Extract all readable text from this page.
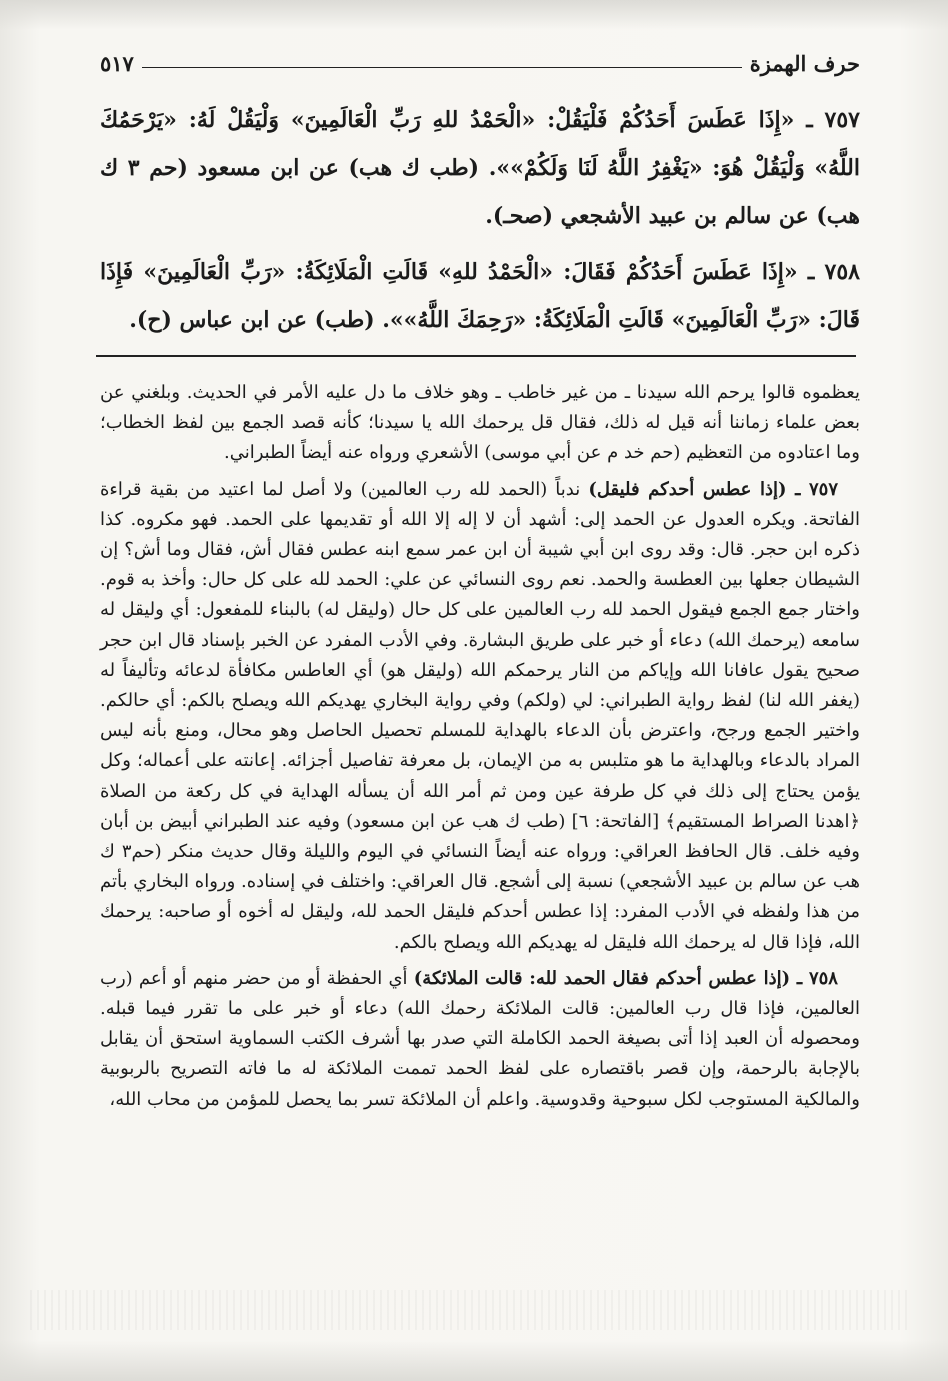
حرف الهمزة
٥١٧

٧٥٧ ـ «إِذَا عَطَسَ أَحَدُكُمْ فَلْيَقُلْ: «الْحَمْدُ للهِ رَبِّ الْعَالَمِينَ» وَلْيَقُلْ لَهُ: «يَرْحَمُكَ اللَّهُ» وَلْيَقُلْ هُوَ: «يَغْفِرُ اللَّهُ لَنَا وَلَكُمْ»». (طب ك هب) عن ابن مسعود (حم ٣ ك هب) عن سالم بن عبيد الأشجعي (صحـ).

٧٥٨ ـ «إِذَا عَطَسَ أَحَدُكُمْ فَقَالَ: «الْحَمْدُ للهِ» قَالَتِ الْمَلَائِكَةُ: «رَبِّ الْعَالَمِينَ» فَإِذَا قَالَ: «رَبِّ الْعَالَمِينَ» قَالَتِ الْمَلَائِكَةُ: «رَحِمَكَ اللَّهُ»». (طب) عن ابن عباس (ح).

يعظموه قالوا يرحم الله سيدنا ـ من غير خاطب ـ وهو خلاف ما دل عليه الأمر في الحديث. وبلغني عن بعض علماء زماننا أنه قيل له ذلك، فقال قل يرحمك الله يا سيدنا؛ كأنه قصد الجمع بين لفظ الخطاب؛ وما اعتادوه من التعظيم (حم خد م عن أبي موسى) الأشعري ورواه عنه أيضاً الطبراني.

٧٥٧ ـ (إذا عطس أحدكم فليقل) ندباً (الحمد لله رب العالمين) ولا أصل لما اعتيد من بقية قراءة الفاتحة. ويكره العدول عن الحمد إلى: أشهد أن لا إله إلا الله أو تقديمها على الحمد. فهو مكروه. كذا ذكره ابن حجر. قال: وقد روى ابن أبي شيبة أن ابن عمر سمع ابنه عطس فقال أش، فقال وما أش؟ إن الشيطان جعلها بين العطسة والحمد. نعم روى النسائي عن علي: الحمد لله على كل حال: وأخذ به قوم. واختار جمع الجمع فيقول الحمد لله رب العالمين على كل حال (وليقل له) بالبناء للمفعول: أي وليقل له سامعه (يرحمك الله) دعاء أو خبر على طريق البشارة. وفي الأدب المفرد عن الخبر بإسناد قال ابن حجر صحيح يقول عافانا الله وإياكم من النار يرحمكم الله (وليقل هو) أي العاطس مكافأة لدعائه وتأليفاً له (يغفر الله لنا) لفظ رواية الطبراني: لي (ولكم) وفي رواية البخاري يهديكم الله ويصلح بالكم: أي حالكم. واختير الجمع ورجح، واعترض بأن الدعاء بالهداية للمسلم تحصيل الحاصل وهو محال، ومنع بأنه ليس المراد بالدعاء وبالهداية ما هو متلبس به من الإيمان، بل معرفة تفاصيل أجزائه. إعانته على أعماله؛ وكل يؤمن يحتاج إلى ذلك في كل طرفة عين ومن ثم أمر الله أن يسأله الهداية في كل ركعة من الصلاة ﴿اهدنا الصراط المستقيم﴾ [الفاتحة: ٦] (طب ك هب عن ابن مسعود) وفيه عند الطبراني أبيض بن أبان وفيه خلف. قال الحافظ العراقي: ورواه عنه أيضاً النسائي في اليوم والليلة وقال حديث منكر (حم٣ ك هب عن سالم بن عبيد الأشجعي) نسبة إلى أشجع. قال العراقي: واختلف في إسناده. ورواه البخاري بأتم من هذا ولفظه في الأدب المفرد: إذا عطس أحدكم فليقل الحمد لله، وليقل له أخوه أو صاحبه: يرحمك الله، فإذا قال له يرحمك الله فليقل له يهديكم الله ويصلح بالكم.

٧٥٨ ـ (إذا عطس أحدكم فقال الحمد لله: قالت الملائكة) أي الحفظة أو من حضر منهم أو أعم (رب العالمين، فإذا قال رب العالمين: قالت الملائكة رحمك الله) دعاء أو خبر على ما تقرر فيما قبله. ومحصوله أن العبد إذا أتى بصيغة الحمد الكاملة التي صدر بها أشرف الكتب السماوية استحق أن يقابل بالإجابة بالرحمة، وإن قصر باقتصاره على لفظ الحمد تممت الملائكة له ما فاته التصريح بالربوبية والمالكية المستوجب لكل سبوحية وقدوسية. واعلم أن الملائكة تسر بما يحصل للمؤمن من محاب الله،
